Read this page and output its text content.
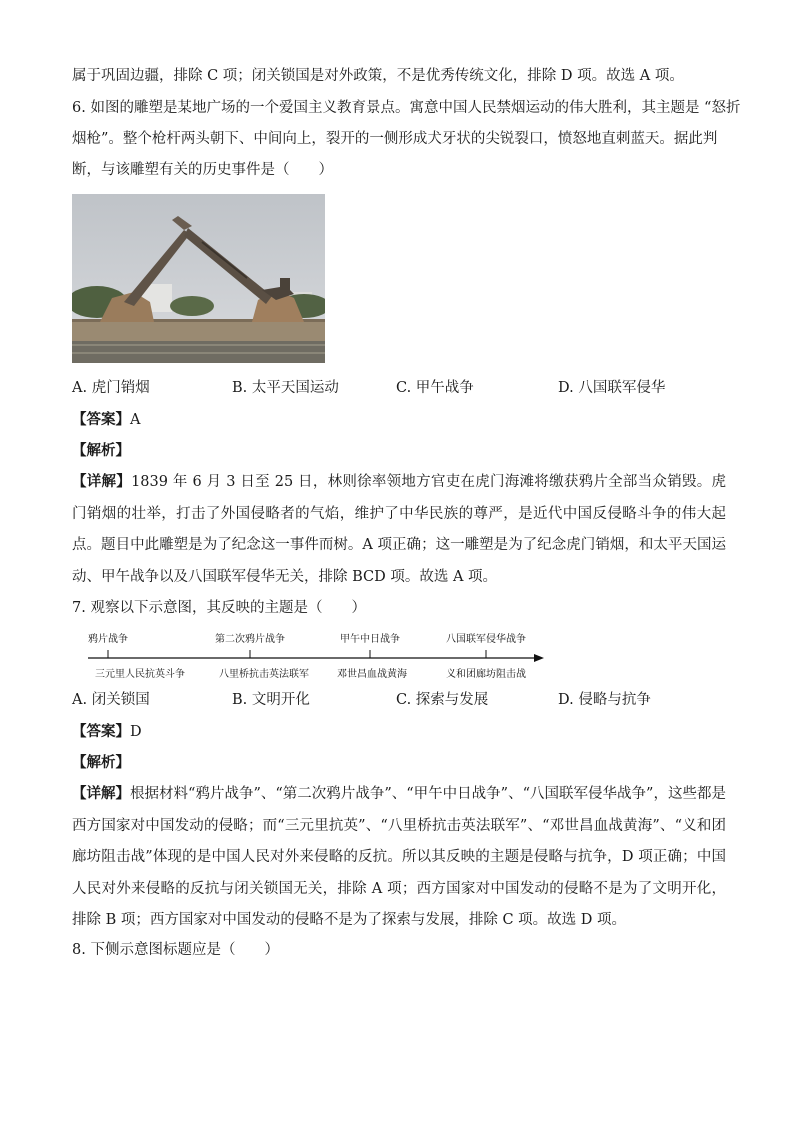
属于巩固边疆，排除 C 项；闭关锁国是对外政策，不是优秀传统文化，排除 D 项。故选 A 项。
6. 如图的雕塑是某地广场的一个爱国主义教育景点。寓意中国人民禁烟运动的伟大胜利，其主题是 “怒折
烟枪”。整个枪杆两头朝下、中间向上，裂开的一侧形成犬牙状的尖锐裂口，愤怒地直刺蓝天。据此判
断，与该雕塑有关的历史事件是（　　）
A. 虎门销烟	B. 太平天国运动	C. 甲午战争	D. 八国联军侵华
【答案】A
【解析】
【详解】1839 年 6 月 3 日至 25 日，林则徐率领地方官吏在虎门海滩将缴获鸦片全部当众销毁。虎门销烟的壮举，打击了外国侵略者的气焰，维护了中华民族的尊严，是近代中国反侵略斗争的伟大起点。题目中此雕塑是为了纪念这一事件而树。A 项正确；这一雕塑是为了纪念虎门销烟，和太平天国运动、甲午战争以及八国联军侵华无关，排除 BCD 项。故选 A 项。
7. 观察以下示意图，其反映的主题是（　　）
鸦片战争	第二次鸦片战争	甲午中日战争	八国联军侵华战争
三元里人民抗英斗争	八里桥抗击英法联军	邓世昌血战黄海	义和团廊坊阻击战
A. 闭关锁国	B. 文明开化	C. 探索与发展	D. 侵略与抗争
【答案】D
【解析】
【详解】根据材料“鸦片战争”、“第二次鸦片战争”、“甲午中日战争”、“八国联军侵华战争”，这些都是西方国家对中国发动的侵略；而“三元里抗英”、“八里桥抗击英法联军”、“邓世昌血战黄海”、“义和团廊坊阻击战”体现的是中国人民对外来侵略的反抗。所以其反映的主题是侵略与抗争，D 项正确；中国人民对外来侵略的反抗与闭关锁国无关，排除 A 项；西方国家对中国发动的侵略不是为了文明开化，排除 B 项；西方国家对中国发动的侵略不是为了探索与发展，排除 C 项。故选 D 项。
8. 下侧示意图标题应是（　　）
